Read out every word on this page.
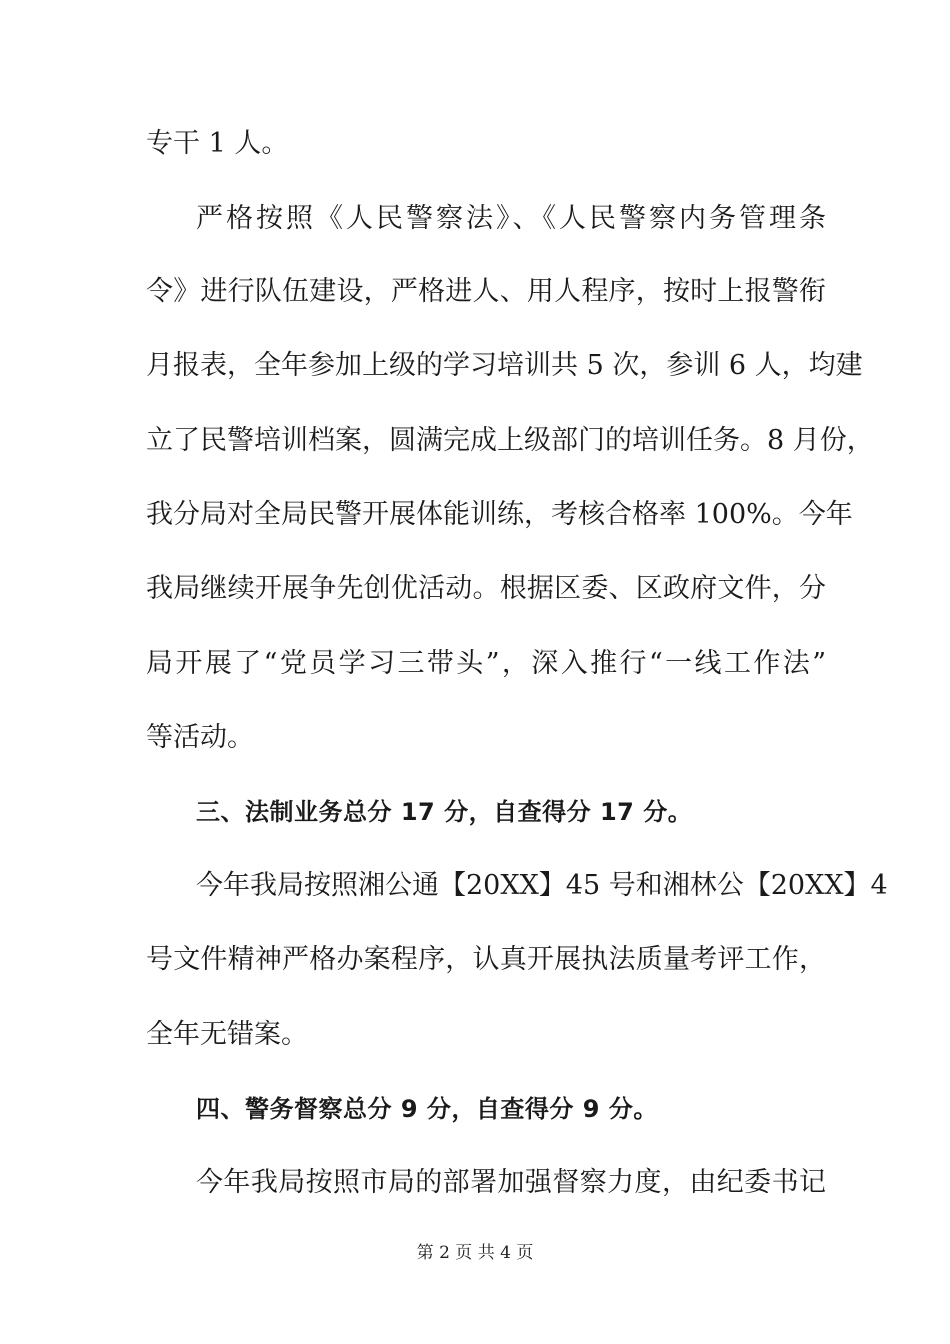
专干 1 人。
严格按照《人民警察法》、《人民警察内务管理条
令》进行队伍建设，严格进人、用人程序，按时上报警衔
月报表，全年参加上级的学习培训共 5 次，参训 6 人，均建
立了民警培训档案，圆满完成上级部门的培训任务。8 月份，
我分局对全局民警开展体能训练，考核合格率 100%。今年
我局继续开展争先创优活动。根据区委、区政府文件，分
局开展了“党员学习三带头”，深入推行“一线工作法”
等活动。
三、法制业务总分 17 分，自查得分 17 分。
今年我局按照湘公通【20XX】45 号和湘林公【20XX】4
号文件精神严格办案程序，认真开展执法质量考评工作，
全年无错案。
四、警务督察总分 9 分，自查得分 9 分。
今年我局按照市局的部署加强督察力度，由纪委书记
第 2 页 共 4 页
